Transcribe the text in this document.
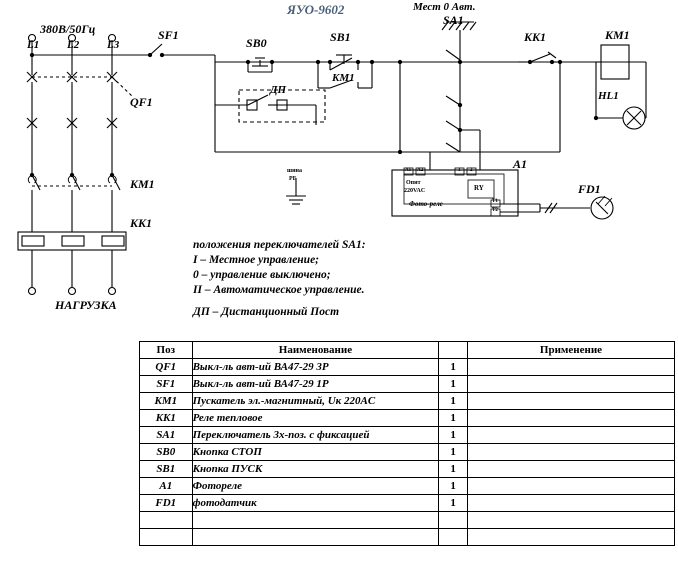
ЯУО-9602
380В/50Гц
L1	L2	L3
QF1
KM1
KK1
НАГРУЗКА
SF1
SB0	SB1
KM1
ДП
KK1	KM1
HL1
Мест 0 Авт.
SA1
A1
FD1
шина
PE
A1 A2	1 2
Опит
220VAC
Фото-реле
RY
T1
T2
положения переключателей SA1:
I – Местное управление;
0 – управление выключено;
II – Автоматическое управление.
ДП – Дистанционный Пост
Поз	Наименование		Применение
QF1	Выкл-ль авт-ий ВА47-29 3P	1	
SF1	Выкл-ль авт-ий ВА47-29 1P	1	
KM1	Пускатель эл.-магнитный, Uк 220AC	1	
KK1	Реле тепловое	1	
SA1	Переключатель 3х-поз. с фиксацией	1	
SB0	Кнопка СТОП	1	
SB1	Кнопка ПУСК	1	
A1	Фотореле	1	
FD1	фотодатчик	1	
